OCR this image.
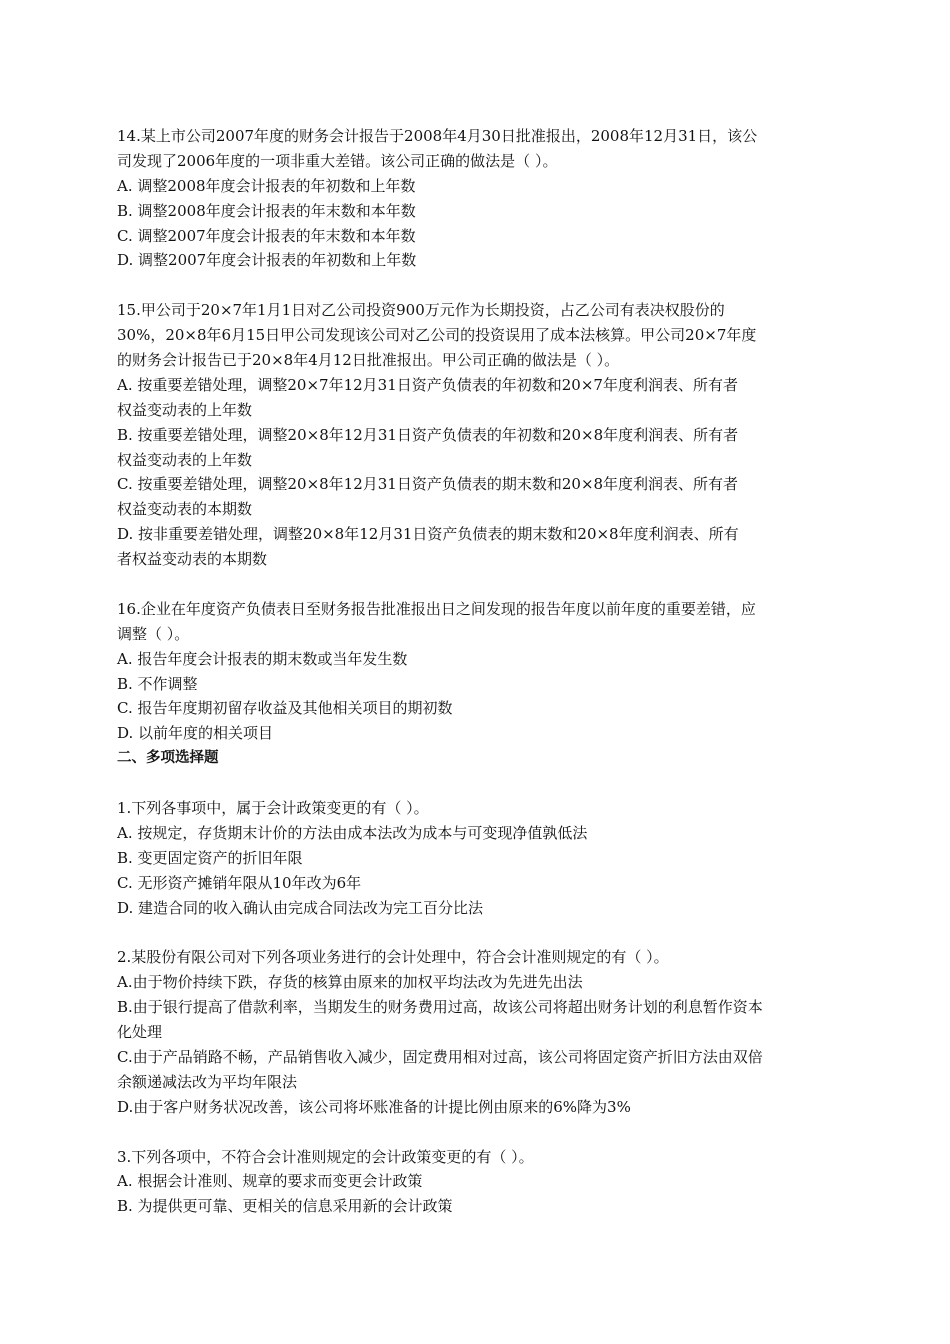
14.某上市公司2007年度的财务会计报告于2008年4月30日批准报出，2008年12月31日，该公

司发现了2006年度的一项非重大差错。该公司正确的做法是（ ）。

A. 调整2008年度会计报表的年初数和上年数

B. 调整2008年度会计报表的年末数和本年数

C. 调整2007年度会计报表的年末数和本年数

D. 调整2007年度会计报表的年初数和上年数

15.甲公司于20×7年1月1日对乙公司投资900万元作为长期投资，占乙公司有表决权股份的

30%，20×8年6月15日甲公司发现该公司对乙公司的投资误用了成本法核算。甲公司20×7年度

的财务会计报告已于20×8年4月12日批准报出。甲公司正确的做法是（ ）。

A. 按重要差错处理，调整20×7年12月31日资产负债表的年初数和20×7年度利润表、所有者

权益变动表的上年数

B. 按重要差错处理，调整20×8年12月31日资产负债表的年初数和20×8年度利润表、所有者

权益变动表的上年数

C. 按重要差错处理，调整20×8年12月31日资产负债表的期末数和20×8年度利润表、所有者

权益变动表的本期数

D. 按非重要差错处理，调整20×8年12月31日资产负债表的期末数和20×8年度利润表、所有

者权益变动表的本期数

16.企业在年度资产负债表日至财务报告批准报出日之间发现的报告年度以前年度的重要差错，应

调整（ ）。

A. 报告年度会计报表的期末数或当年发生数

B. 不作调整

C. 报告年度期初留存收益及其他相关项目的期初数

D. 以前年度的相关项目

二、多项选择题

1.下列各事项中，属于会计政策变更的有（ ）。

A. 按规定，存货期末计价的方法由成本法改为成本与可变现净值孰低法

B. 变更固定资产的折旧年限

C. 无形资产摊销年限从10年改为6年

D. 建造合同的收入确认由完成合同法改为完工百分比法

2.某股份有限公司对下列各项业务进行的会计处理中，符合会计准则规定的有（ ）。

A.由于物价持续下跌，存货的核算由原来的加权平均法改为先进先出法

B.由于银行提高了借款利率，当期发生的财务费用过高，故该公司将超出财务计划的利息暂作资本

化处理

C.由于产品销路不畅，产品销售收入减少，固定费用相对过高，该公司将固定资产折旧方法由双倍

余额递减法改为平均年限法

D.由于客户财务状况改善，该公司将坏账准备的计提比例由原来的6%降为3%

3.下列各项中，不符合会计准则规定的会计政策变更的有（ ）。

A. 根据会计准则、规章的要求而变更会计政策

B. 为提供更可靠、更相关的信息采用新的会计政策
